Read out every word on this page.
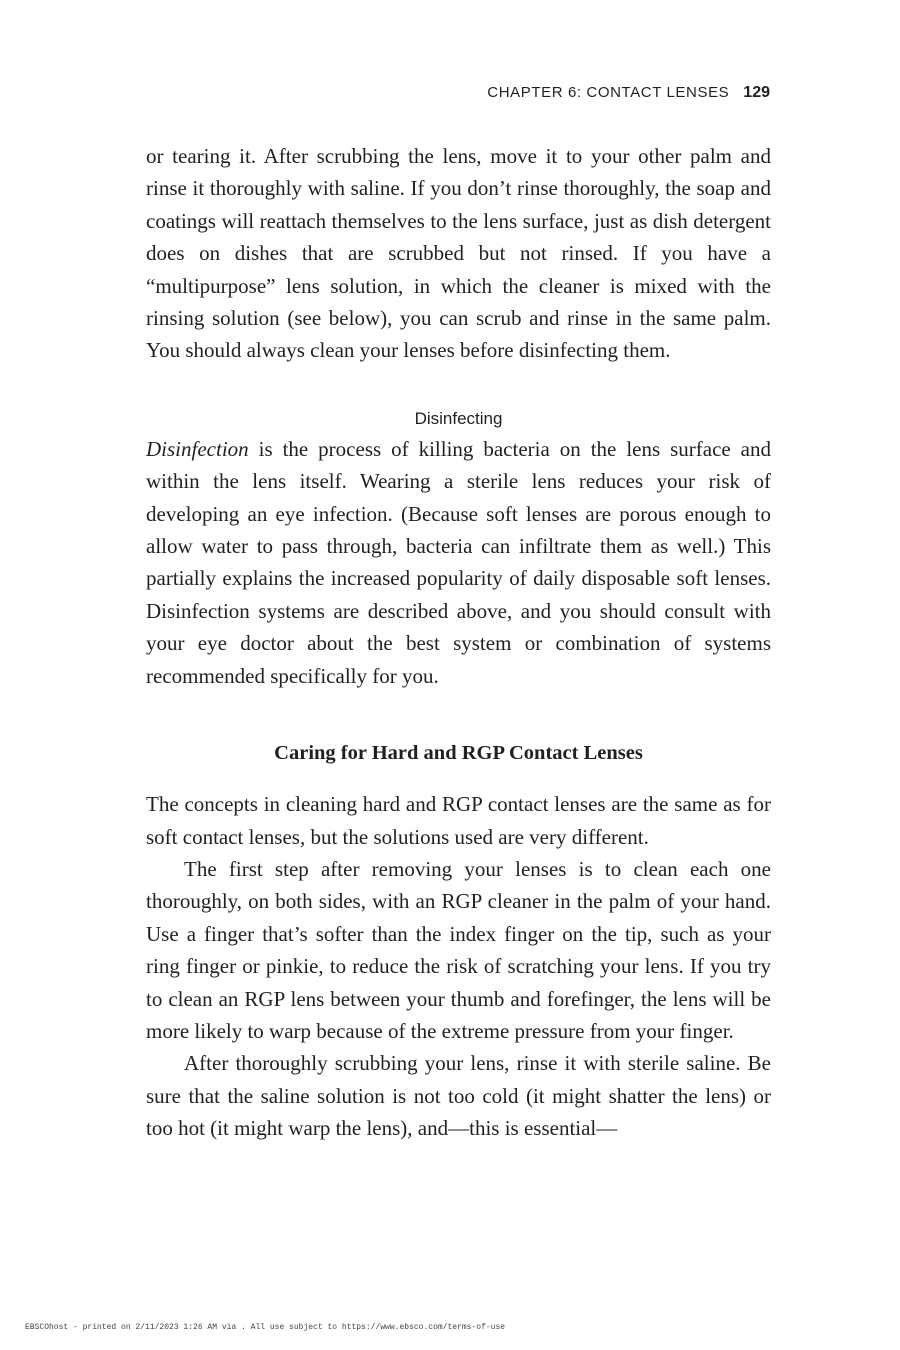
CHAPTER 6: CONTACT LENSES 129

or tearing it. After scrubbing the lens, move it to your other palm and rinse it thoroughly with saline. If you don’t rinse thoroughly, the soap and coatings will reattach themselves to the lens surface, just as dish detergent does on dishes that are scrubbed but not rinsed. If you have a “multipurpose” lens solution, in which the cleaner is mixed with the rinsing solution (see below), you can scrub and rinse in the same palm. You should always clean your lenses before disinfecting them.

Disinfecting

Disinfection is the process of killing bacteria on the lens surface and within the lens itself. Wearing a sterile lens reduces your risk of developing an eye infection. (Because soft lenses are porous enough to allow water to pass through, bacteria can infiltrate them as well.) This partially explains the increased popularity of daily disposable soft lenses. Disinfection systems are described above, and you should consult with your eye doctor about the best system or combination of systems recommended specifically for you.

Caring for Hard and RGP Contact Lenses

The concepts in cleaning hard and RGP contact lenses are the same as for soft contact lenses, but the solutions used are very different.

The first step after removing your lenses is to clean each one thoroughly, on both sides, with an RGP cleaner in the palm of your hand. Use a finger that’s softer than the index finger on the tip, such as your ring finger or pinkie, to reduce the risk of scratching your lens. If you try to clean an RGP lens between your thumb and forefinger, the lens will be more likely to warp because of the extreme pressure from your finger.

After thoroughly scrubbing your lens, rinse it with sterile saline. Be sure that the saline solution is not too cold (it might shatter the lens) or too hot (it might warp the lens), and—this is essential—

EBSCOhost - printed on 2/11/2023 1:26 AM via . All use subject to https://www.ebsco.com/terms-of-use
